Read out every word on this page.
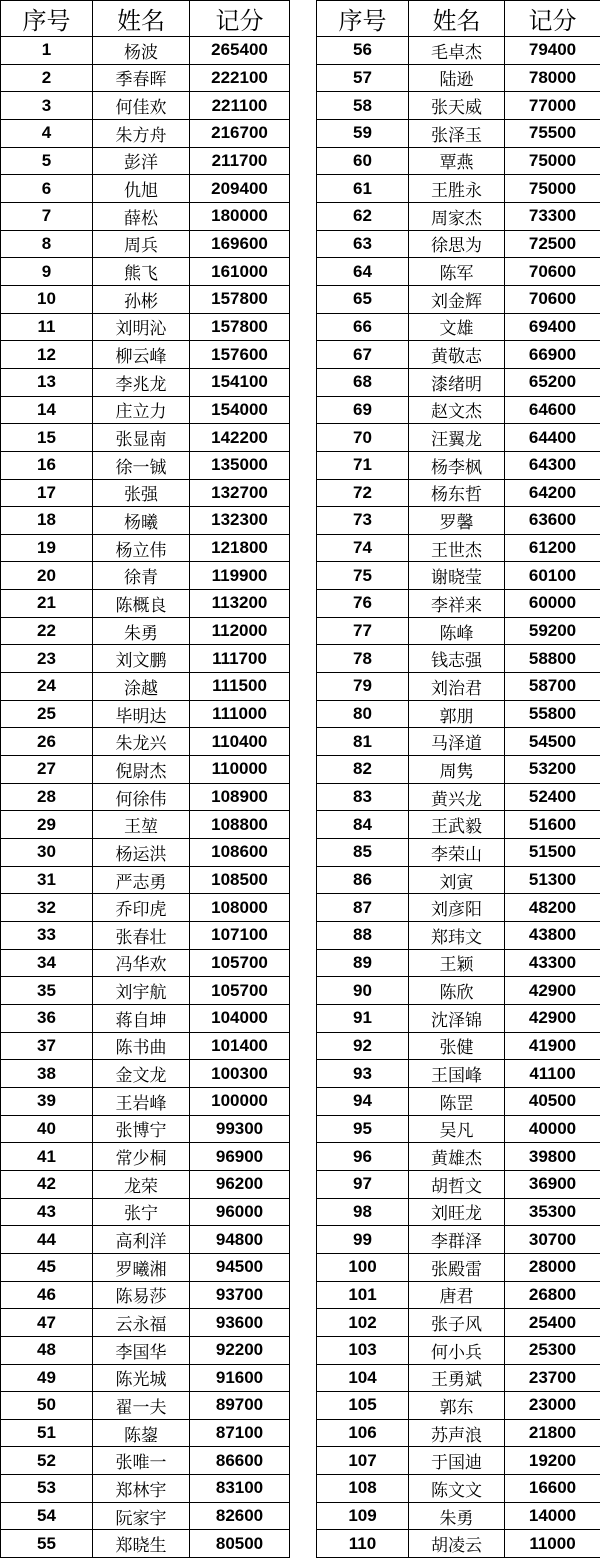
序号	姓名	记分
1	杨波	265400
2	季春晖	222100
3	何佳欢	221100
4	朱方舟	216700
5	彭洋	211700
6	仇旭	209400
7	薛松	180000
8	周兵	169600
9	熊飞	161000
10	孙彬	157800
11	刘明沁	157800
12	柳云峰	157600
13	李兆龙	154100
14	庄立力	154000
15	张显南	142200
16	徐一铖	135000
17	张强	132700
18	杨曦	132300
19	杨立伟	121800
20	徐青	119900
21	陈概良	113200
22	朱勇	112000
23	刘文鹏	111700
24	涂越	111500
25	毕明达	111000
26	朱龙兴	110400
27	倪尉杰	110000
28	何徐伟	108900
29	王堃	108800
30	杨运洪	108600
31	严志勇	108500
32	乔印虎	108000
33	张春壮	107100
34	冯华欢	105700
35	刘宇航	105700
36	蒋自坤	104000
37	陈书曲	101400
38	金文龙	100300
39	王岩峰	100000
40	张博宁	99300
41	常少桐	96900
42	龙荣	96200
43	张宁	96000
44	高利洋	94800
45	罗曦湘	94500
46	陈易莎	93700
47	云永福	93600
48	李国华	92200
49	陈光城	91600
50	翟一夫	89700
51	陈鋆	87100
52	张唯一	86600
53	郑林宇	83100
54	阮家宇	82600
55	郑晓生	80500
序号	姓名	记分
56	毛卓杰	79400
57	陆逊	78000
58	张天威	77000
59	张泽玉	75500
60	覃燕	75000
61	王胜永	75000
62	周家杰	73300
63	徐思为	72500
64	陈军	70600
65	刘金辉	70600
66	文雄	69400
67	黄敬志	66900
68	漆绪明	65200
69	赵文杰	64600
70	汪翼龙	64400
71	杨李枫	64300
72	杨东哲	64200
73	罗馨	63600
74	王世杰	61200
75	谢晓莹	60100
76	李祥来	60000
77	陈峰	59200
78	钱志强	58800
79	刘治君	58700
80	郭朋	55800
81	马泽道	54500
82	周隽	53200
83	黄兴龙	52400
84	王武毅	51600
85	李荣山	51500
86	刘寅	51300
87	刘彦阳	48200
88	郑玮文	43800
89	王颖	43300
90	陈欣	42900
91	沈泽锦	42900
92	张健	41900
93	王国峰	41100
94	陈罡	40500
95	吴凡	40000
96	黄雄杰	39800
97	胡哲文	36900
98	刘旺龙	35300
99	李群泽	30700
100	张殿雷	28000
101	唐君	26800
102	张子风	25400
103	何小兵	25300
104	王勇斌	23700
105	郭东	23000
106	苏声浪	21800
107	于国迪	19200
108	陈文文	16600
109	朱勇	14000
110	胡凌云	11000
